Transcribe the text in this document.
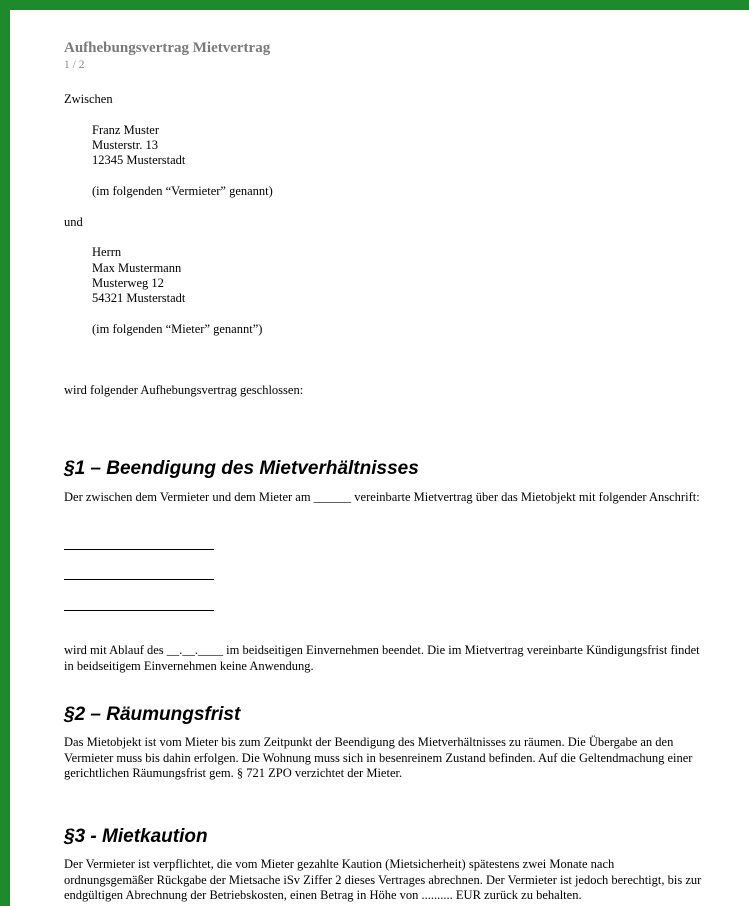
Aufhebungsvertrag Mietvertrag
1 / 2
Zwischen
Franz Muster
Musterstr. 13
12345 Musterstadt
(im folgenden “Vermieter” genannt)
und
Herrn
Max Mustermann
Musterweg 12
54321 Musterstadt
(im folgenden “Mieter” genannt”)
wird folgender Aufhebungsvertrag geschlossen:
§1 – Beendigung des Mietverhältnisses
Der zwischen dem Vermieter und dem Mieter am ______ vereinbarte Mietvertrag über das Mietobjekt mit folgender Anschrift:
wird mit Ablauf des __.__.____ im beidseitigen Einvernehmen beendet. Die im Mietvertrag vereinbarte Kündigungsfrist findet in beidseitigem Einvernehmen keine Anwendung.
§2 – Räumungsfrist
Das Mietobjekt ist vom Mieter bis zum Zeitpunkt der Beendigung des Mietverhältnisses zu räumen. Die Übergabe an den Vermieter muss bis dahin erfolgen. Die Wohnung muss sich in besenreinem Zustand befinden. Auf die Geltendmachung einer gerichtlichen Räumungsfrist gem. § 721 ZPO verzichtet der Mieter.
§3 - Mietkaution
Der Vermieter ist verpflichtet, die vom Mieter gezahlte Kaution (Mietsicherheit) spätestens zwei Monate nach ordnungsgemäßer Rückgabe der Mietsache iSv Ziffer 2 dieses Vertrages abrechnen. Der Vermieter ist jedoch berechtigt, bis zur endgültigen Abrechnung der Betriebskosten, einen Betrag in Höhe von .......... EUR zurück zu behalten.
